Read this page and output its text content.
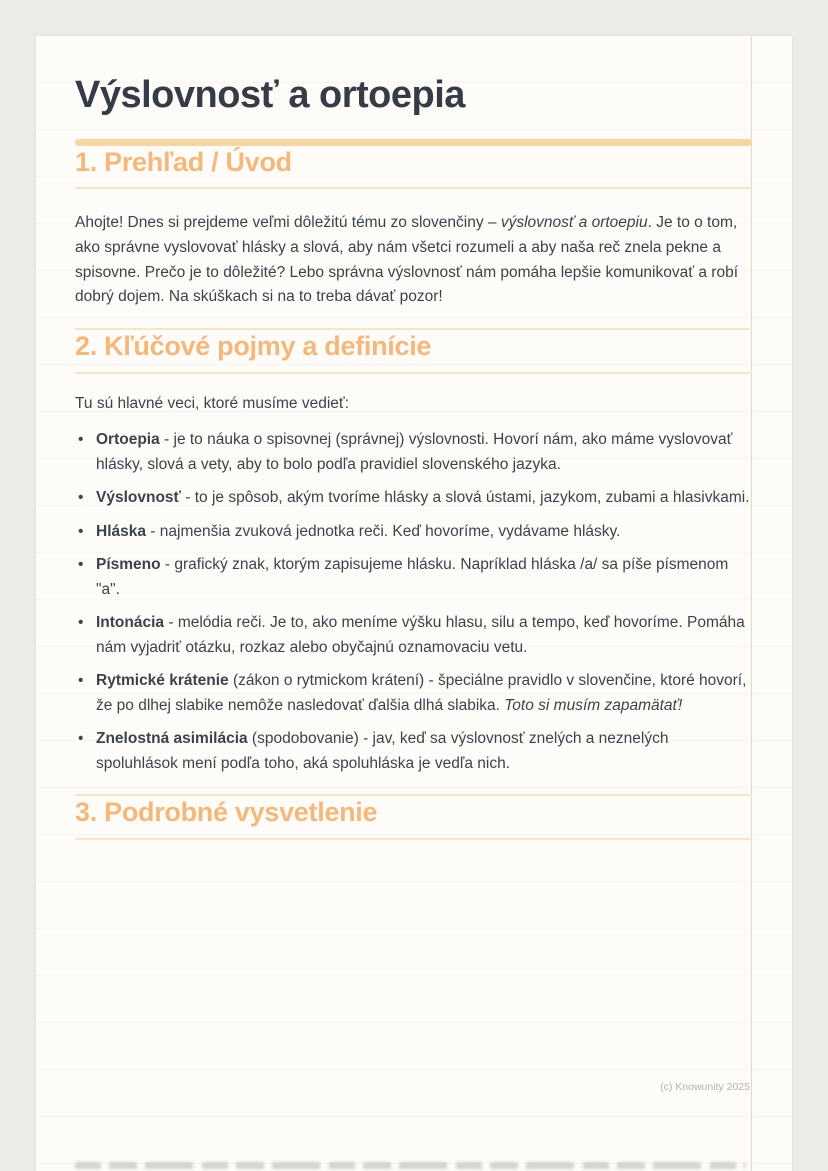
Výslovnosť a ortoepia
1. Prehľad / Úvod

Ahojte! Dnes si prejdeme veľmi dôležitú tému zo slovenčiny – výslovnosť a ortoepiu. Je to o tom, ako správne vyslovovať hlásky a slová, aby nám všetci rozumeli a aby naša reč znela pekne a spisovne. Prečo je to dôležité? Lebo správna výslovnosť nám pomáha lepšie komunikovať a robí dobrý dojem. Na skúškach si na to treba dávať pozor!

2. Kľúčové pojmy a definície

Tu sú hlavné veci, ktoré musíme vedieť:

• Ortoepia - je to náuka o spisovnej (správnej) výslovnosti. Hovorí nám, ako máme vyslovovať hlásky, slová a vety, aby to bolo podľa pravidiel slovenského jazyka.
• Výslovnosť - to je spôsob, akým tvoríme hlásky a slová ústami, jazykom, zubami a hlasivkami.
• Hláska - najmenšia zvuková jednotka reči. Keď hovoríme, vydávame hlásky.
• Písmeno - grafický znak, ktorým zapisujeme hlásku. Napríklad hláska /a/ sa píše písmenom "a".
• Intonácia - melódia reči. Je to, ako meníme výšku hlasu, silu a tempo, keď hovoríme. Pomáha nám vyjadriť otázku, rozkaz alebo obyčajnú oznamovaciu vetu.
• Rytmické krátenie (zákon o rytmickom krátení) - špeciálne pravidlo v slovenčine, ktoré hovorí, že po dlhej slabike nemôže nasledovať ďalšia dlhá slabika. Toto si musím zapamätať!
• Znelostná asimilácia (spodobovanie) - jav, keď sa výslovnosť znelých a neznelých spoluhlások mení podľa toho, aká spoluhláska je vedľa nich.
3. Podrobné vysvetlenie
(c) Knowunity 2025
